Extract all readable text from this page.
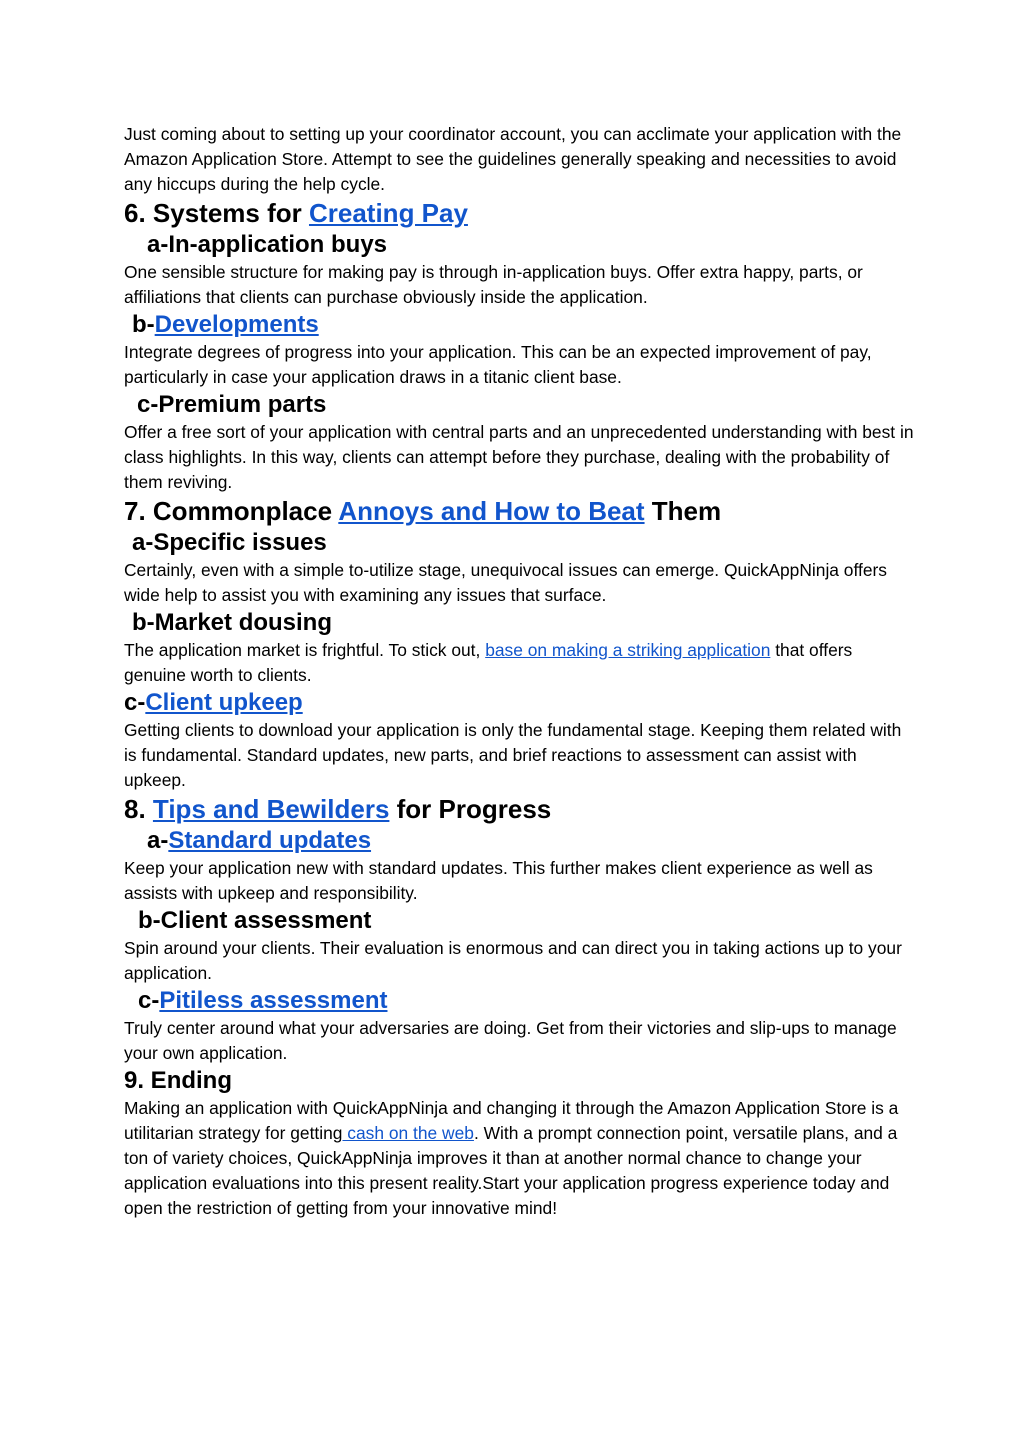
Just coming about to setting up your coordinator account, you can acclimate your application with the Amazon Application Store. Attempt to see the guidelines generally speaking and necessities to avoid any hiccups during the help cycle.

6. Systems for Creating Pay
a-In-application buys

One sensible structure for making pay is through in-application buys. Offer extra happy, parts, or affiliations that clients can purchase obviously inside the application.

b-Developments

Integrate degrees of progress into your application. This can be an expected improvement of pay, particularly in case your application draws in a titanic client base.

c-Premium parts

Offer a free sort of your application with central parts and an unprecedented understanding with best in class highlights. In this way, clients can attempt before they purchase, dealing with the probability of them reviving.

7. Commonplace Annoys and How to Beat Them
a-Specific issues

Certainly, even with a simple to-utilize stage, unequivocal issues can emerge. QuickAppNinja offers wide help to assist you with examining any issues that surface.

b-Market dousing

The application market is frightful. To stick out, base on making a striking application that offers genuine worth to clients.

c-Client upkeep

Getting clients to download your application is only the fundamental stage. Keeping them related with is fundamental. Standard updates, new parts, and brief reactions to assessment can assist with upkeep.

8. Tips and Bewilders for Progress
a-Standard updates

Keep your application new with standard updates. This further makes client experience as well as assists with upkeep and responsibility.

b-Client assessment

Spin around your clients. Their evaluation is enormous and can direct you in taking actions up to your application.

c-Pitiless assessment

Truly center around what your adversaries are doing. Get from their victories and slip-ups to manage your own application.

9. Ending

Making an application with QuickAppNinja and changing it through the Amazon Application Store is a utilitarian strategy for getting cash on the web. With a prompt connection point, versatile plans, and a ton of variety choices, QuickAppNinja improves it than at another normal chance to change your application evaluations into this present reality.Start your application progress experience today and open the restriction of getting from your innovative mind!
